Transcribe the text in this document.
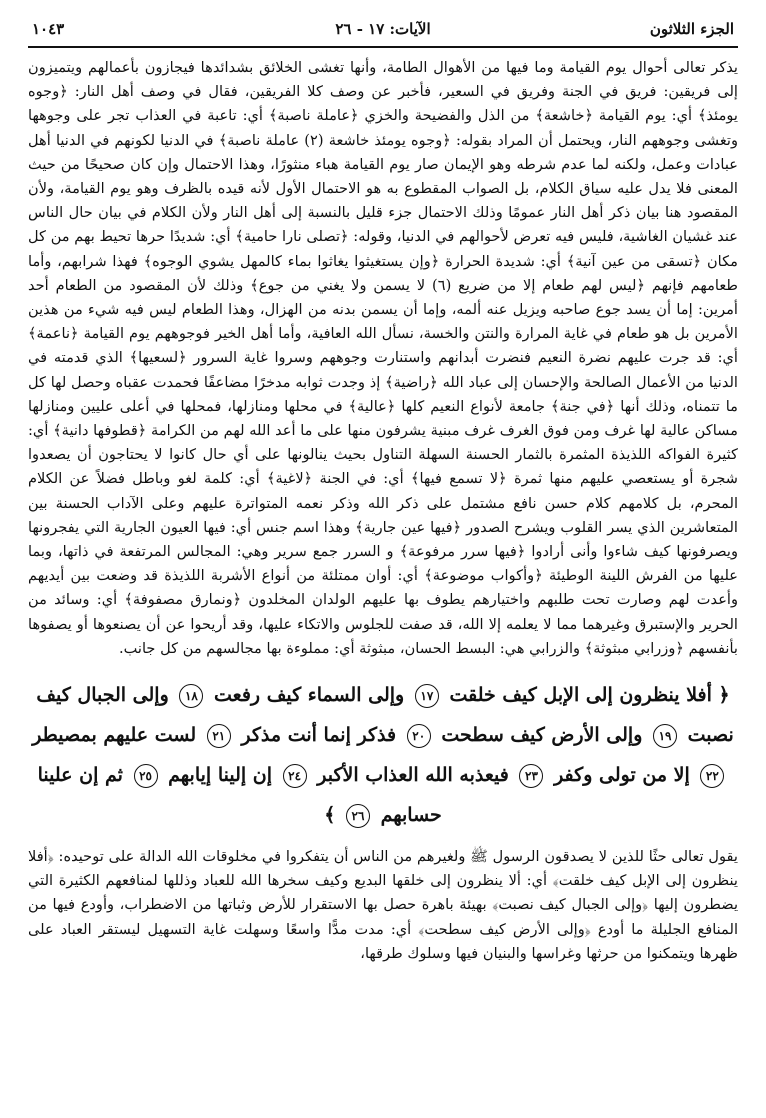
الجزء الثلاثون
الآيات: ١٧ - ٢٦
١٠٤٣

يذكر تعالى أحوال يوم القيامة وما فيها من الأهوال الطامة، وأنها تغشى الخلائق بشدائدها فيجازون بأعمالهم ويتميزون إلى فريقين: فريق في الجنة وفريق في السعير، فأخبر عن وصف كلا الفريقين، فقال في وصف أهل النار: ﴿وجوه يومئذ﴾ أي: يوم القيامة ﴿خاشعة﴾ من الذل والفضيحة والخزي ﴿عاملة ناصبة﴾ أي: تاعبة في العذاب تجر على وجوهها وتغشى وجوههم النار، ويحتمل أن المراد بقوله: ﴿وجوه يومئذ خاشعة (٢) عاملة ناصبة﴾ في الدنيا لكونهم في الدنيا أهل عبادات وعمل، ولكنه لما عدم شرطه وهو الإيمان صار يوم القيامة هباء منثورًا، وهذا الاحتمال وإن كان صحيحًا من حيث المعنى فلا يدل عليه سياق الكلام، بل الصواب المقطوع به هو الاحتمال الأول لأنه قيده بالظرف وهو يوم القيامة، ولأن المقصود هنا بيان ذكر أهل النار عمومًا وذلك الاحتمال جزء قليل بالنسبة إلى أهل النار ولأن الكلام في بيان حال الناس عند غشيان الغاشية، فليس فيه تعرض لأحوالهم في الدنيا، وقوله: ﴿تصلى نارا حامية﴾ أي: شديدًا حرها تحيط بهم من كل مكان ﴿تسقى من عين آنية﴾ أي: شديدة الحرارة ﴿وإن يستغيثوا يغاثوا بماء كالمهل يشوي الوجوه﴾ فهذا شرابهم، وأما طعامهم فإنهم ﴿ليس لهم طعام إلا من ضريع (٦) لا يسمن ولا يغني من جوع﴾ وذلك لأن المقصود من الطعام أحد أمرين: إما أن يسد جوع صاحبه ويزيل عنه ألمه، وإما أن يسمن بدنه من الهزال، وهذا الطعام ليس فيه شيء من هذين الأمرين بل هو طعام في غاية المرارة والنتن والخسة، نسأل الله العافية، وأما أهل الخير فوجوههم يوم القيامة ﴿ناعمة﴾ أي: قد جرت عليهم نضرة النعيم فنضرت أبدانهم واستنارت وجوههم وسروا غاية السرور ﴿لسعيها﴾ الذي قدمته في الدنيا من الأعمال الصالحة والإحسان إلى عباد الله ﴿راضية﴾ إذ وجدت ثوابه مدخرًا مضاعفًا فحمدت عقباه وحصل لها كل ما تتمناه، وذلك أنها ﴿في جنة﴾ جامعة لأنواع النعيم كلها ﴿عالية﴾ في محلها ومنازلها، فمحلها في أعلى عليين ومنازلها مساكن عالية لها غرف ومن فوق الغرف غرف مبنية يشرفون منها على ما أعد الله لهم من الكرامة ﴿قطوفها دانية﴾ أي: كثيرة الفواكه اللذيذة المثمرة بالثمار الحسنة السهلة التناول بحيث ينالونها على أي حال كانوا لا يحتاجون أن يصعدوا شجرة أو يستعصي عليهم منها ثمرة ﴿لا تسمع فيها﴾ أي: في الجنة ﴿لاغية﴾ أي: كلمة لغو وباطل فضلاً عن الكلام المحرم، بل كلامهم كلام حسن نافع مشتمل على ذكر الله وذكر نعمه المتواترة عليهم وعلى الآداب الحسنة بين المتعاشرين الذي يسر القلوب ويشرح الصدور ﴿فيها عين جارية﴾ وهذا اسم جنس أي: فيها العيون الجارية التي يفجرونها ويصرفونها كيف شاءوا وأنى أرادوا ﴿فيها سرر مرفوعة﴾ و السرر جمع سرير وهي: المجالس المرتفعة في ذاتها، وبما عليها من الفرش اللينة الوطيئة ﴿وأكواب موضوعة﴾ أي: أوان ممتلئة من أنواع الأشربة اللذيذة قد وضعت بين أيديهم وأعدت لهم وصارت تحت طلبهم واختيارهم يطوف بها عليهم الولدان المخلدون ﴿ونمارق مصفوفة﴾ أي: وسائد من الحرير والإستبرق وغيرهما مما لا يعلمه إلا الله، قد صفت للجلوس والاتكاء عليها، وقد أريحوا عن أن يصنعوها أو يصفوها بأنفسهم ﴿وزرابي مبثوثة﴾ والزرابي هي: البسط الحسان، مبثوثة أي: مملوءة بها مجالسهم من كل جانب.

﴿ أفلا ينظرون إلى الإبل كيف خلقت ١٧ وإلى السماء كيف رفعت ١٨ وإلى الجبال كيف نصبت ١٩ وإلى الأرض كيف سطحت ٢٠ فذكر إنما أنت مذكر ٢١ لست عليهم بمصيطر ٢٢ إلا من تولى وكفر ٢٣ فيعذبه الله العذاب الأكبر ٢٤ إن إلينا إيابهم ٢٥ ثم إن علينا حسابهم ٢٦ ﴾

يقول تعالى حثًا للذين لا يصدقون الرسول ﷺ ولغيرهم من الناس أن يتفكروا في مخلوقات الله الدالة على توحيده: ﴿أفلا ينظرون إلى الإبل كيف خلقت﴾ أي: ألا ينظرون إلى خلقها البديع وكيف سخرها الله للعباد وذللها لمنافعهم الكثيرة التي يضطرون إليها ﴿وإلى الجبال كيف نصبت﴾ بهيئة باهرة حصل بها الاستقرار للأرض وثباتها من الاضطراب، وأودع فيها من المنافع الجليلة ما أودع ﴿وإلى الأرض كيف سطحت﴾ أي: مدت مدًّا واسعًا وسهلت غاية التسهيل ليستقر العباد على ظهرها ويتمكنوا من حرثها وغراسها والبنيان فيها وسلوك طرقها،
